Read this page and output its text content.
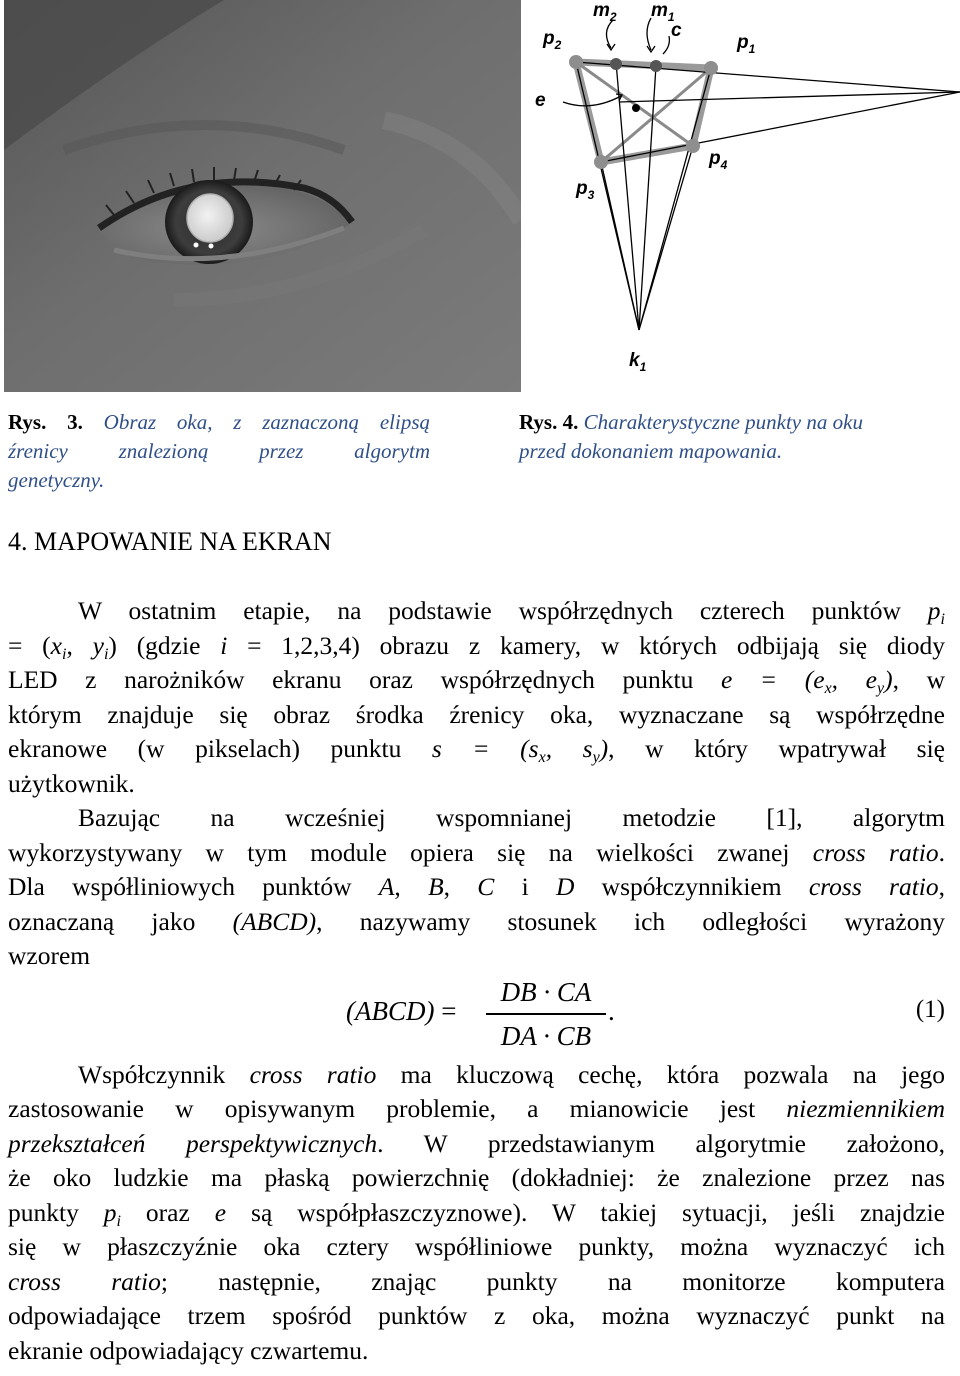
$m_2$ $m_1$
c
$p_2$	$p_1$
e
$p_4$
$p_3$
$k_1$

Rys. 3. Obraz oka, z zaznaczoną elipsą
źrenicy znalezioną przez algorytm
genetyczny.

Rys. 4. Charakterystyczne punkty na oku
przed dokonaniem mapowania.

4. MAPOWANIE NA EKRAN
W ostatnim etapie, na podstawie współrzędnych czterech punktów $p_i$
= ($x_i$, $y_i$) (gdzie i = 1,2,3,4) obrazu z kamery, w których odbijają się diody
LED z narożników ekranu oraz współrzędnych punktu $e = (e_x$, $e_y$), w
którym znajduje się obraz środka źrenicy oka, wyznaczane są współrzędne
ekranowe (w pikselach) punktu $s = (s_x$, $s_y$), w który wpatrywał się
użytkownik.
Bazując na wcześniej wspomnianej metodzie [1], algorytm
wykorzystywany w tym module opiera się na wielkości zwanej cross ratio.
Dla współliniowych punktów A, B, C i D współczynnikiem cross ratio,
oznaczaną jako (ABCD), nazywamy stosunek ich odległości wyrażony
wzorem
(ABCD) =
DB · CA
DA · CB
.	(1)
Współczynnik cross ratio ma kluczową cechę, która pozwala na jego
zastosowanie w opisywanym problemie, a mianowicie jest niezmiennikiem
przekształceń perspektywicznych. W przedstawianym algorytmie założono,
że oko ludzkie ma płaską powierzchnię (dokładniej: że znalezione przez nas
punkty $p_i$ oraz e są współpłaszczyznowe). W takiej sytuacji, jeśli znajdzie
się w płaszczyźnie oka cztery współliniowe punkty, można wyznaczyć ich
cross ratio; następnie, znając punkty na monitorze komputera
odpowiadające trzem spośród punktów z oka, można wyznaczyć punkt na
ekranie odpowiadający czwartemu.
